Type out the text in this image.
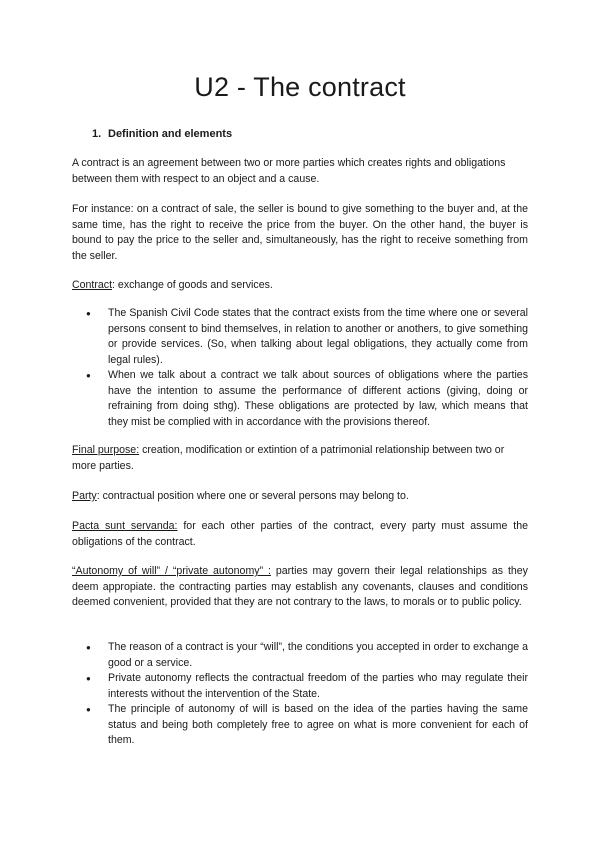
U2 - The contract
1. Definition and elements

A contract is an agreement between two or more parties which creates rights and obligations between them with respect to an object and a cause.

For instance: on a contract of sale, the seller is bound to give something to the buyer and, at the same time, has the right to receive the price from the buyer. On the other hand, the buyer is bound to pay the price to the seller and, simultaneously, has the right to receive something from the seller.

Contract: exchange of goods and services.

● The Spanish Civil Code states that the contract exists from the time where one or several persons consent to bind themselves, in relation to another or anothers, to give something or provide services. (So, when talking about legal obligations, they actually come from legal rules).
● When we talk about a contract we talk about sources of obligations where the parties have the intention to assume the performance of different actions (giving, doing or refraining from doing sthg). These obligations are protected by law, which means that they mist be complied with in accordance with the provisions thereof.

Final purpose: creation, modification or extintion of a patrimonial relationship between two or more parties.

Party: contractual position where one or several persons may belong to.

Pacta sunt servanda: for each other parties of the contract, every party must assume the obligations of the contract.

“Autonomy of will” / “private autonomy” : parties may govern their legal relationships as they deem appropiate. the contracting parties may establish any covenants, clauses and conditions deemed convenient, provided that they are not contrary to the laws, to morals or to public policy.

● The reason of a contract is your “will”, the conditions you accepted in order to exchange a good or a service.
● Private autonomy reflects the contractual freedom of the parties who may regulate their interests without the intervention of the State.
● The principle of autonomy of will is based on the idea of the parties having the same status and being both completely free to agree on what is more convenient for each of them.
